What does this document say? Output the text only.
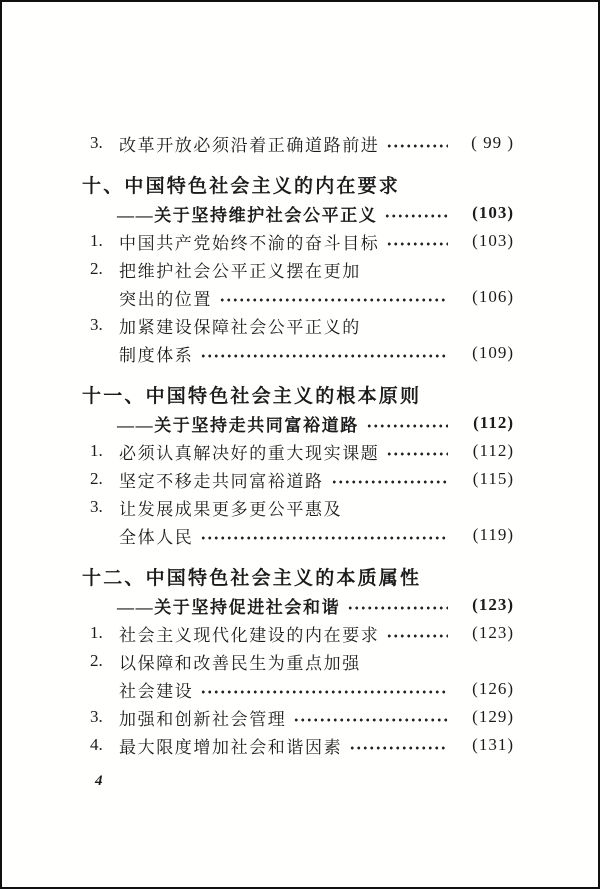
3. 改革开放必须沿着正确道路前进	( 99 )
十、中国特色社会主义的内在要求
——关于坚持维护社会公平正义	(103)
1. 中国共产党始终不渝的奋斗目标	(103)
2. 把维护社会公平正义摆在更加
突出的位置	(106)
3. 加紧建设保障社会公平正义的
制度体系	(109)
十一、中国特色社会主义的根本原则
——关于坚持走共同富裕道路	(112)
1. 必须认真解决好的重大现实课题	(112)
2. 坚定不移走共同富裕道路	(115)
3. 让发展成果更多更公平惠及
全体人民	(119)
十二、中国特色社会主义的本质属性
——关于坚持促进社会和谐	(123)
1. 社会主义现代化建设的内在要求	(123)
2. 以保障和改善民生为重点加强
社会建设	(126)
3. 加强和创新社会管理	(129)
4. 最大限度增加社会和谐因素	(131)
4
